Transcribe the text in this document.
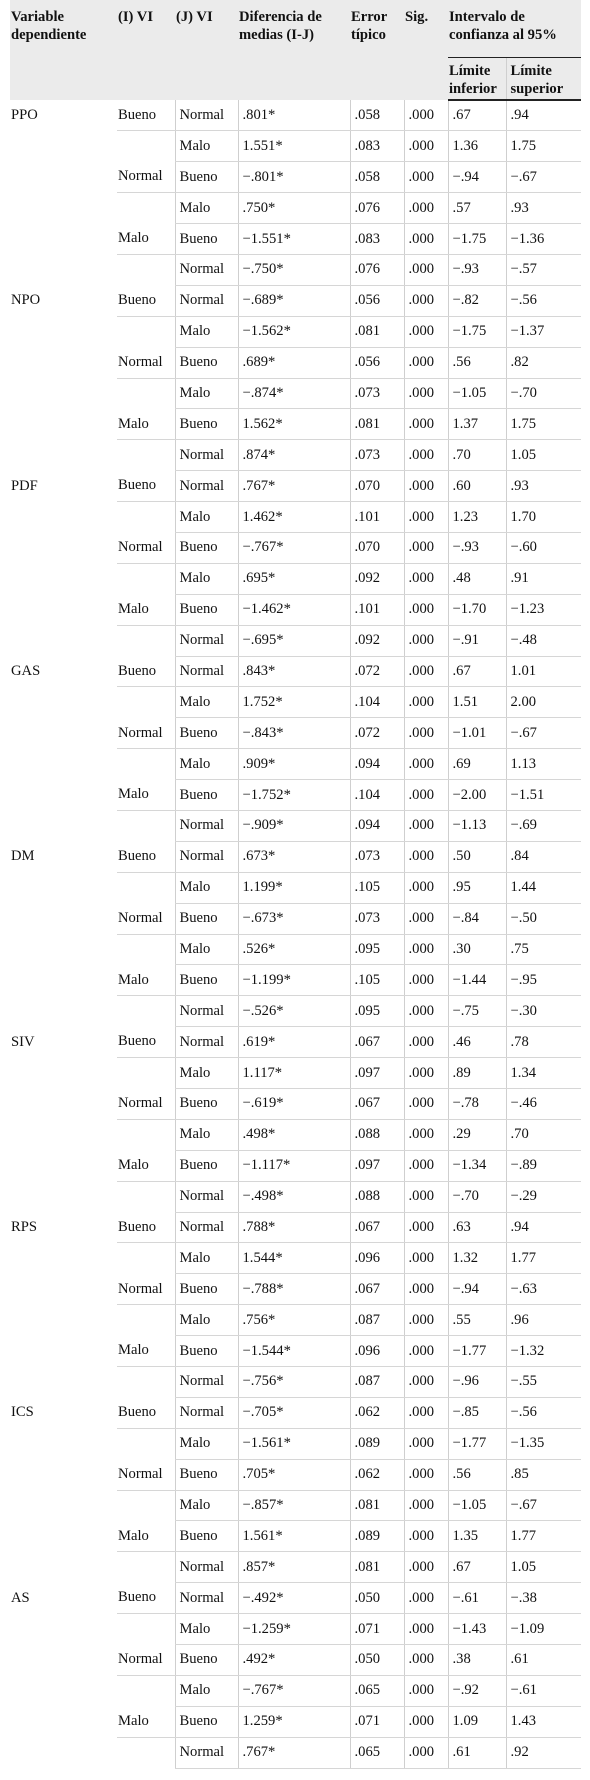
Variable dependiente	(I) VI	(J) VI	Diferencia de medias (I-J)	Error típico	Sig.	Intervalo de confianza al 95%	
						Límite inferior	Límite superior
PPO	Bueno	Normal	.801*	.058	.000	.67	.94
		Malo	1.551*	.083	.000	1.36	1.75
	Normal	Bueno	−.801*	.058	.000	−.94	−.67
		Malo	.750*	.076	.000	.57	.93
	Malo	Bueno	−1.551*	.083	.000	−1.75	−1.36
		Normal	−.750*	.076	.000	−.93	−.57
NPO	Bueno	Normal	−.689*	.056	.000	−.82	−.56
		Malo	−1.562*	.081	.000	−1.75	−1.37
	Normal	Bueno	.689*	.056	.000	.56	.82
		Malo	−.874*	.073	.000	−1.05	−.70
	Malo	Bueno	1.562*	.081	.000	1.37	1.75
		Normal	.874*	.073	.000	.70	1.05
PDF	Bueno	Normal	.767*	.070	.000	.60	.93
		Malo	1.462*	.101	.000	1.23	1.70
	Normal	Bueno	−.767*	.070	.000	−.93	−.60
		Malo	.695*	.092	.000	.48	.91
	Malo	Bueno	−1.462*	.101	.000	−1.70	−1.23
		Normal	−.695*	.092	.000	−.91	−.48
GAS	Bueno	Normal	.843*	.072	.000	.67	1.01
		Malo	1.752*	.104	.000	1.51	2.00
	Normal	Bueno	−.843*	.072	.000	−1.01	−.67
		Malo	.909*	.094	.000	.69	1.13
	Malo	Bueno	−1.752*	.104	.000	−2.00	−1.51
		Normal	−.909*	.094	.000	−1.13	−.69
DM	Bueno	Normal	.673*	.073	.000	.50	.84
		Malo	1.199*	.105	.000	.95	1.44
	Normal	Bueno	−.673*	.073	.000	−.84	−.50
		Malo	.526*	.095	.000	.30	.75
	Malo	Bueno	−1.199*	.105	.000	−1.44	−.95
		Normal	−.526*	.095	.000	−.75	−.30
SIV	Bueno	Normal	.619*	.067	.000	.46	.78
		Malo	1.117*	.097	.000	.89	1.34
	Normal	Bueno	−.619*	.067	.000	−.78	−.46
		Malo	.498*	.088	.000	.29	.70
	Malo	Bueno	−1.117*	.097	.000	−1.34	−.89
		Normal	−.498*	.088	.000	−.70	−.29
RPS	Bueno	Normal	.788*	.067	.000	.63	.94
		Malo	1.544*	.096	.000	1.32	1.77
	Normal	Bueno	−.788*	.067	.000	−.94	−.63
		Malo	.756*	.087	.000	.55	.96
	Malo	Bueno	−1.544*	.096	.000	−1.77	−1.32
		Normal	−.756*	.087	.000	−.96	−.55
ICS	Bueno	Normal	−.705*	.062	.000	−.85	−.56
		Malo	−1.561*	.089	.000	−1.77	−1.35
	Normal	Bueno	.705*	.062	.000	.56	.85
		Malo	−.857*	.081	.000	−1.05	−.67
	Malo	Bueno	1.561*	.089	.000	1.35	1.77
		Normal	.857*	.081	.000	.67	1.05
AS	Bueno	Normal	−.492*	.050	.000	−.61	−.38
		Malo	−1.259*	.071	.000	−1.43	−1.09
	Normal	Bueno	.492*	.050	.000	.38	.61
		Malo	−.767*	.065	.000	−.92	−.61
	Malo	Bueno	1.259*	.071	.000	1.09	1.43
		Normal	.767*	.065	.000	.61	.92
